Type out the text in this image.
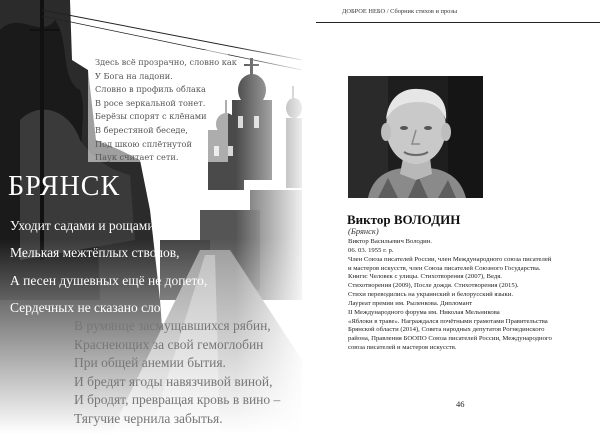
Здесь всё прозрачно, словно как
У Бога на ладони.
Словно в профиль облака
В росе зеркальной тонет.
Берёзы спорят с клёнами
В берестяной беседе,
Под шкою сплётнутой
Паук считает сети.
БРЯНСК
Уходит садами и рощами лето,
Мелькая межтёплых стволов,
А песен душевных ещё не допето,
Сердечных не сказано слов.
В румянце засмущавшихся рябин,
Краснеющих за свой гемоглобин
При общей анемии бытия.
И бредят ягоды навязчивой виной,
И бродят, превращая кровь в вино –
Тягучие чернила забытья.
ДОБРОЕ НЕБО / Сборник стихов и прозы
Виктор ВОЛОДИН
(Брянск)
Виктор Васильевич Володин.
06. 03. 1955 г. р.
Член Союза писателей России, член Международного союза писателей
и мастеров искусств, член Союза писателей Союзного Государства.
Книги: Человек с улицы. Стихотворения (2007), Ведя.
Стихотворения (2009), После дождя. Стихотворения (2015).
Стихи переводились на украинский и белорусский языки.
Лауреат премии им. Рыленкова. Дипломант
II Международного форума им. Николая Мельникова
«Яблоки в траве». Награждался почётными грамотами Правительства
Брянской области (2014), Совета народных депутатов Рогнединского
района, Правления БООПО Союза писателей России, Международного
союза писателей и мастеров искусств.
46
